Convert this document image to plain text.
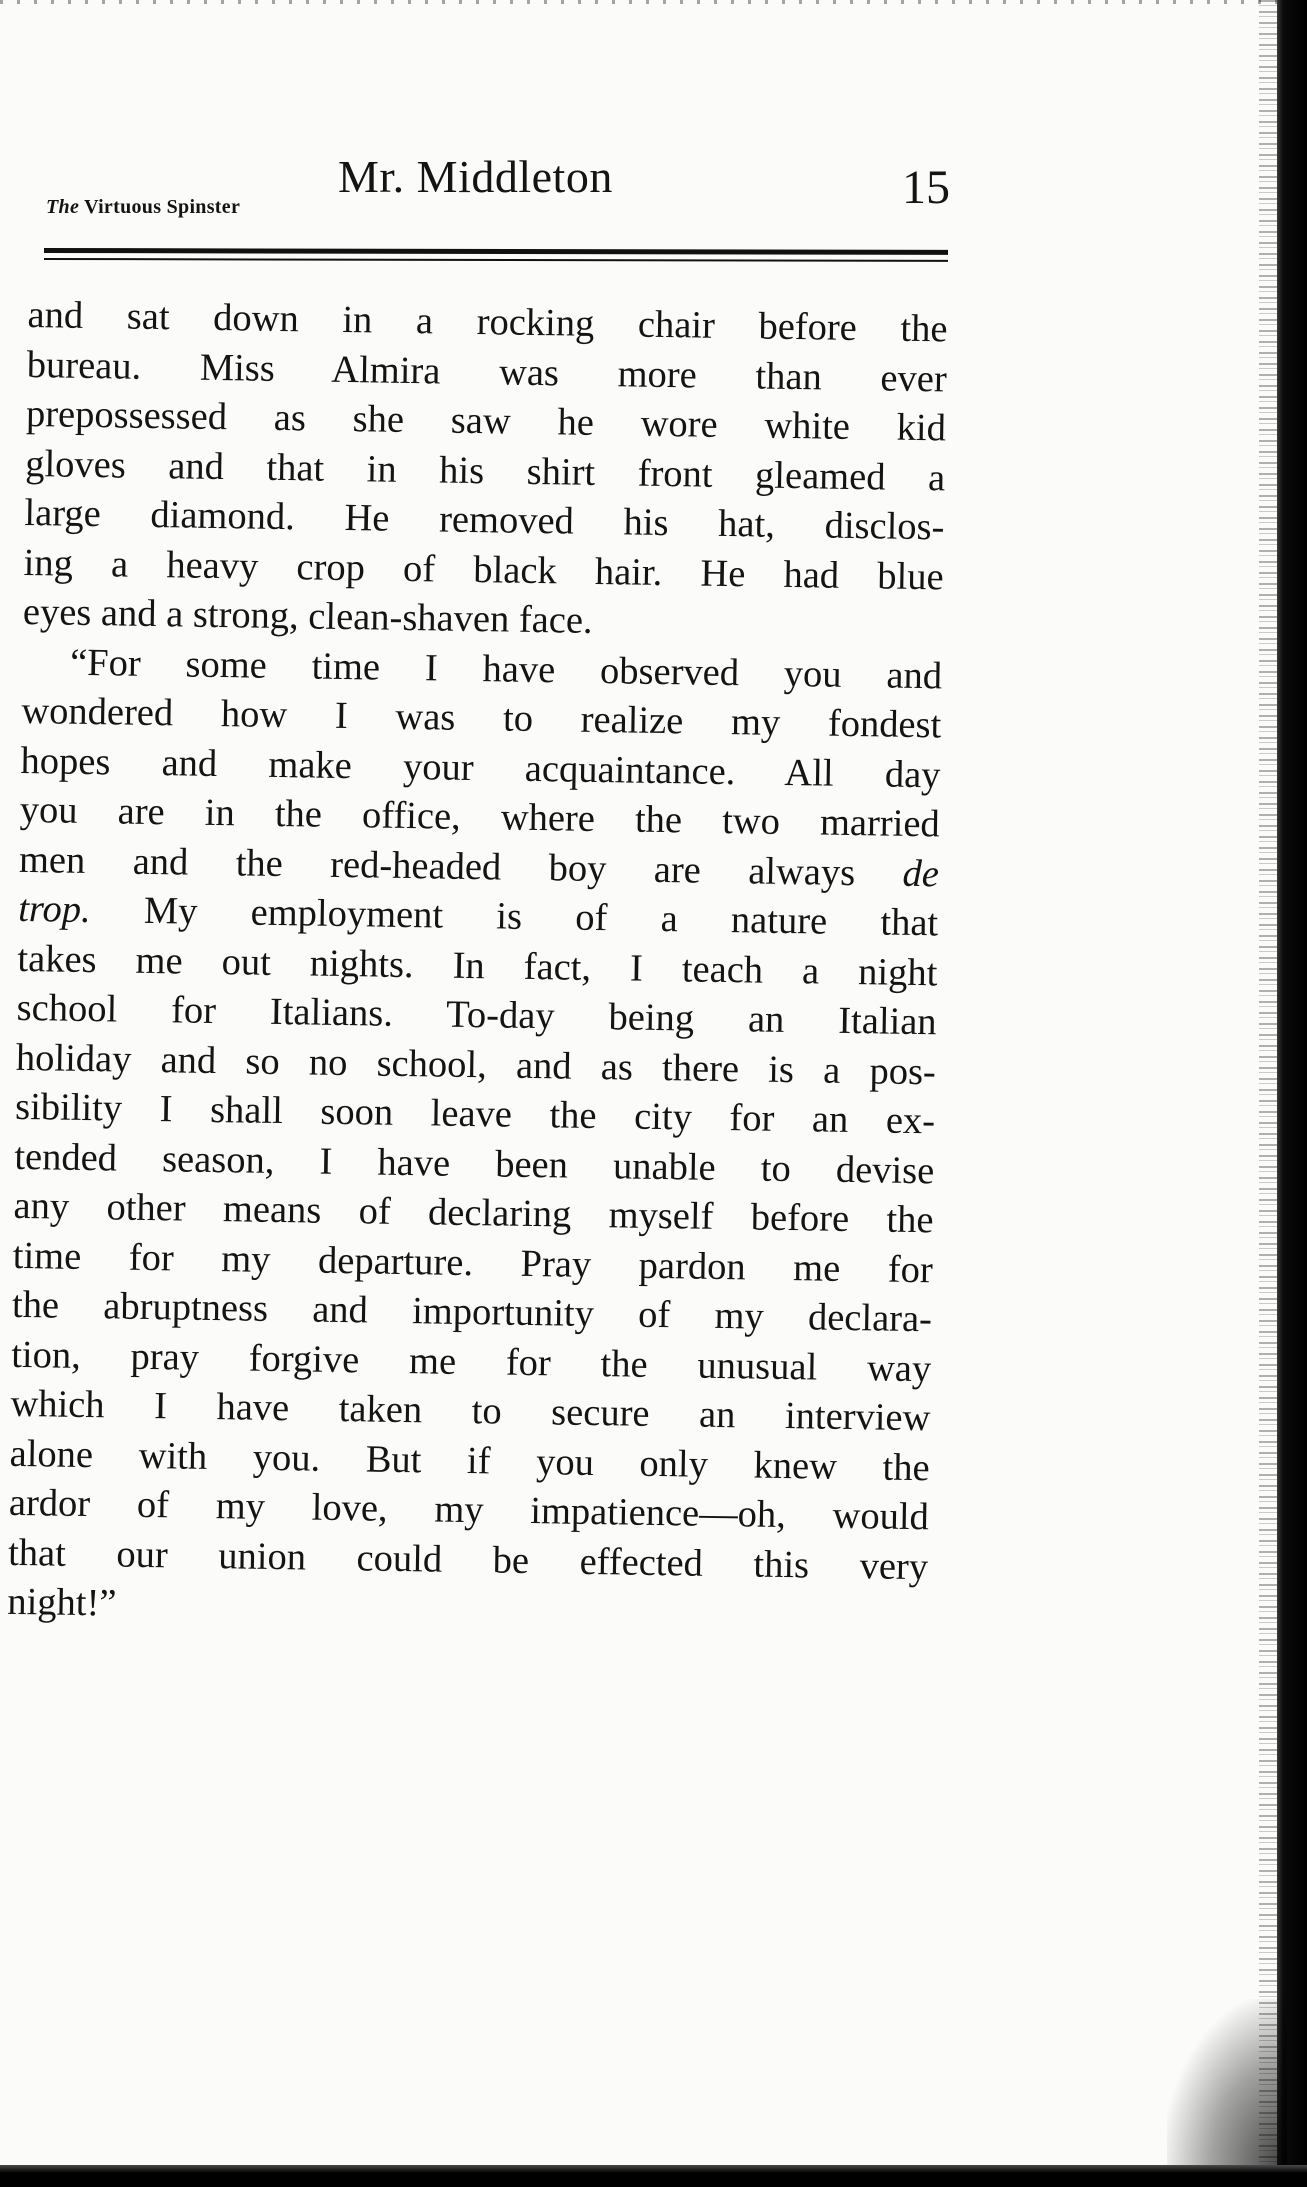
The Virtuous Spinster
Mr. Middleton	15
and sat down in a rocking chair before the
bureau. Miss Almira was more than ever
prepossessed as she saw he wore white kid
gloves and that in his shirt front gleamed a
large diamond. He removed his hat, disclos-
ing a heavy crop of black hair. He had blue
eyes and a strong, clean-shaven face.
“For some time I have observed you and
wondered how I was to realize my fondest
hopes and make your acquaintance. All day
you are in the office, where the two married
men and the red-headed boy are always de
trop. My employment is of a nature that
takes me out nights. In fact, I teach a night
school for Italians. To-day being an Italian
holiday and so no school, and as there is a pos-
sibility I shall soon leave the city for an ex-
tended season, I have been unable to devise
any other means of declaring myself before the
time for my departure. Pray pardon me for
the abruptness and importunity of my declara-
tion, pray forgive me for the unusual way
which I have taken to secure an interview
alone with you. But if you only knew the
ardor of my love, my impatience—oh, would
that our union could be effected this very
night!”
